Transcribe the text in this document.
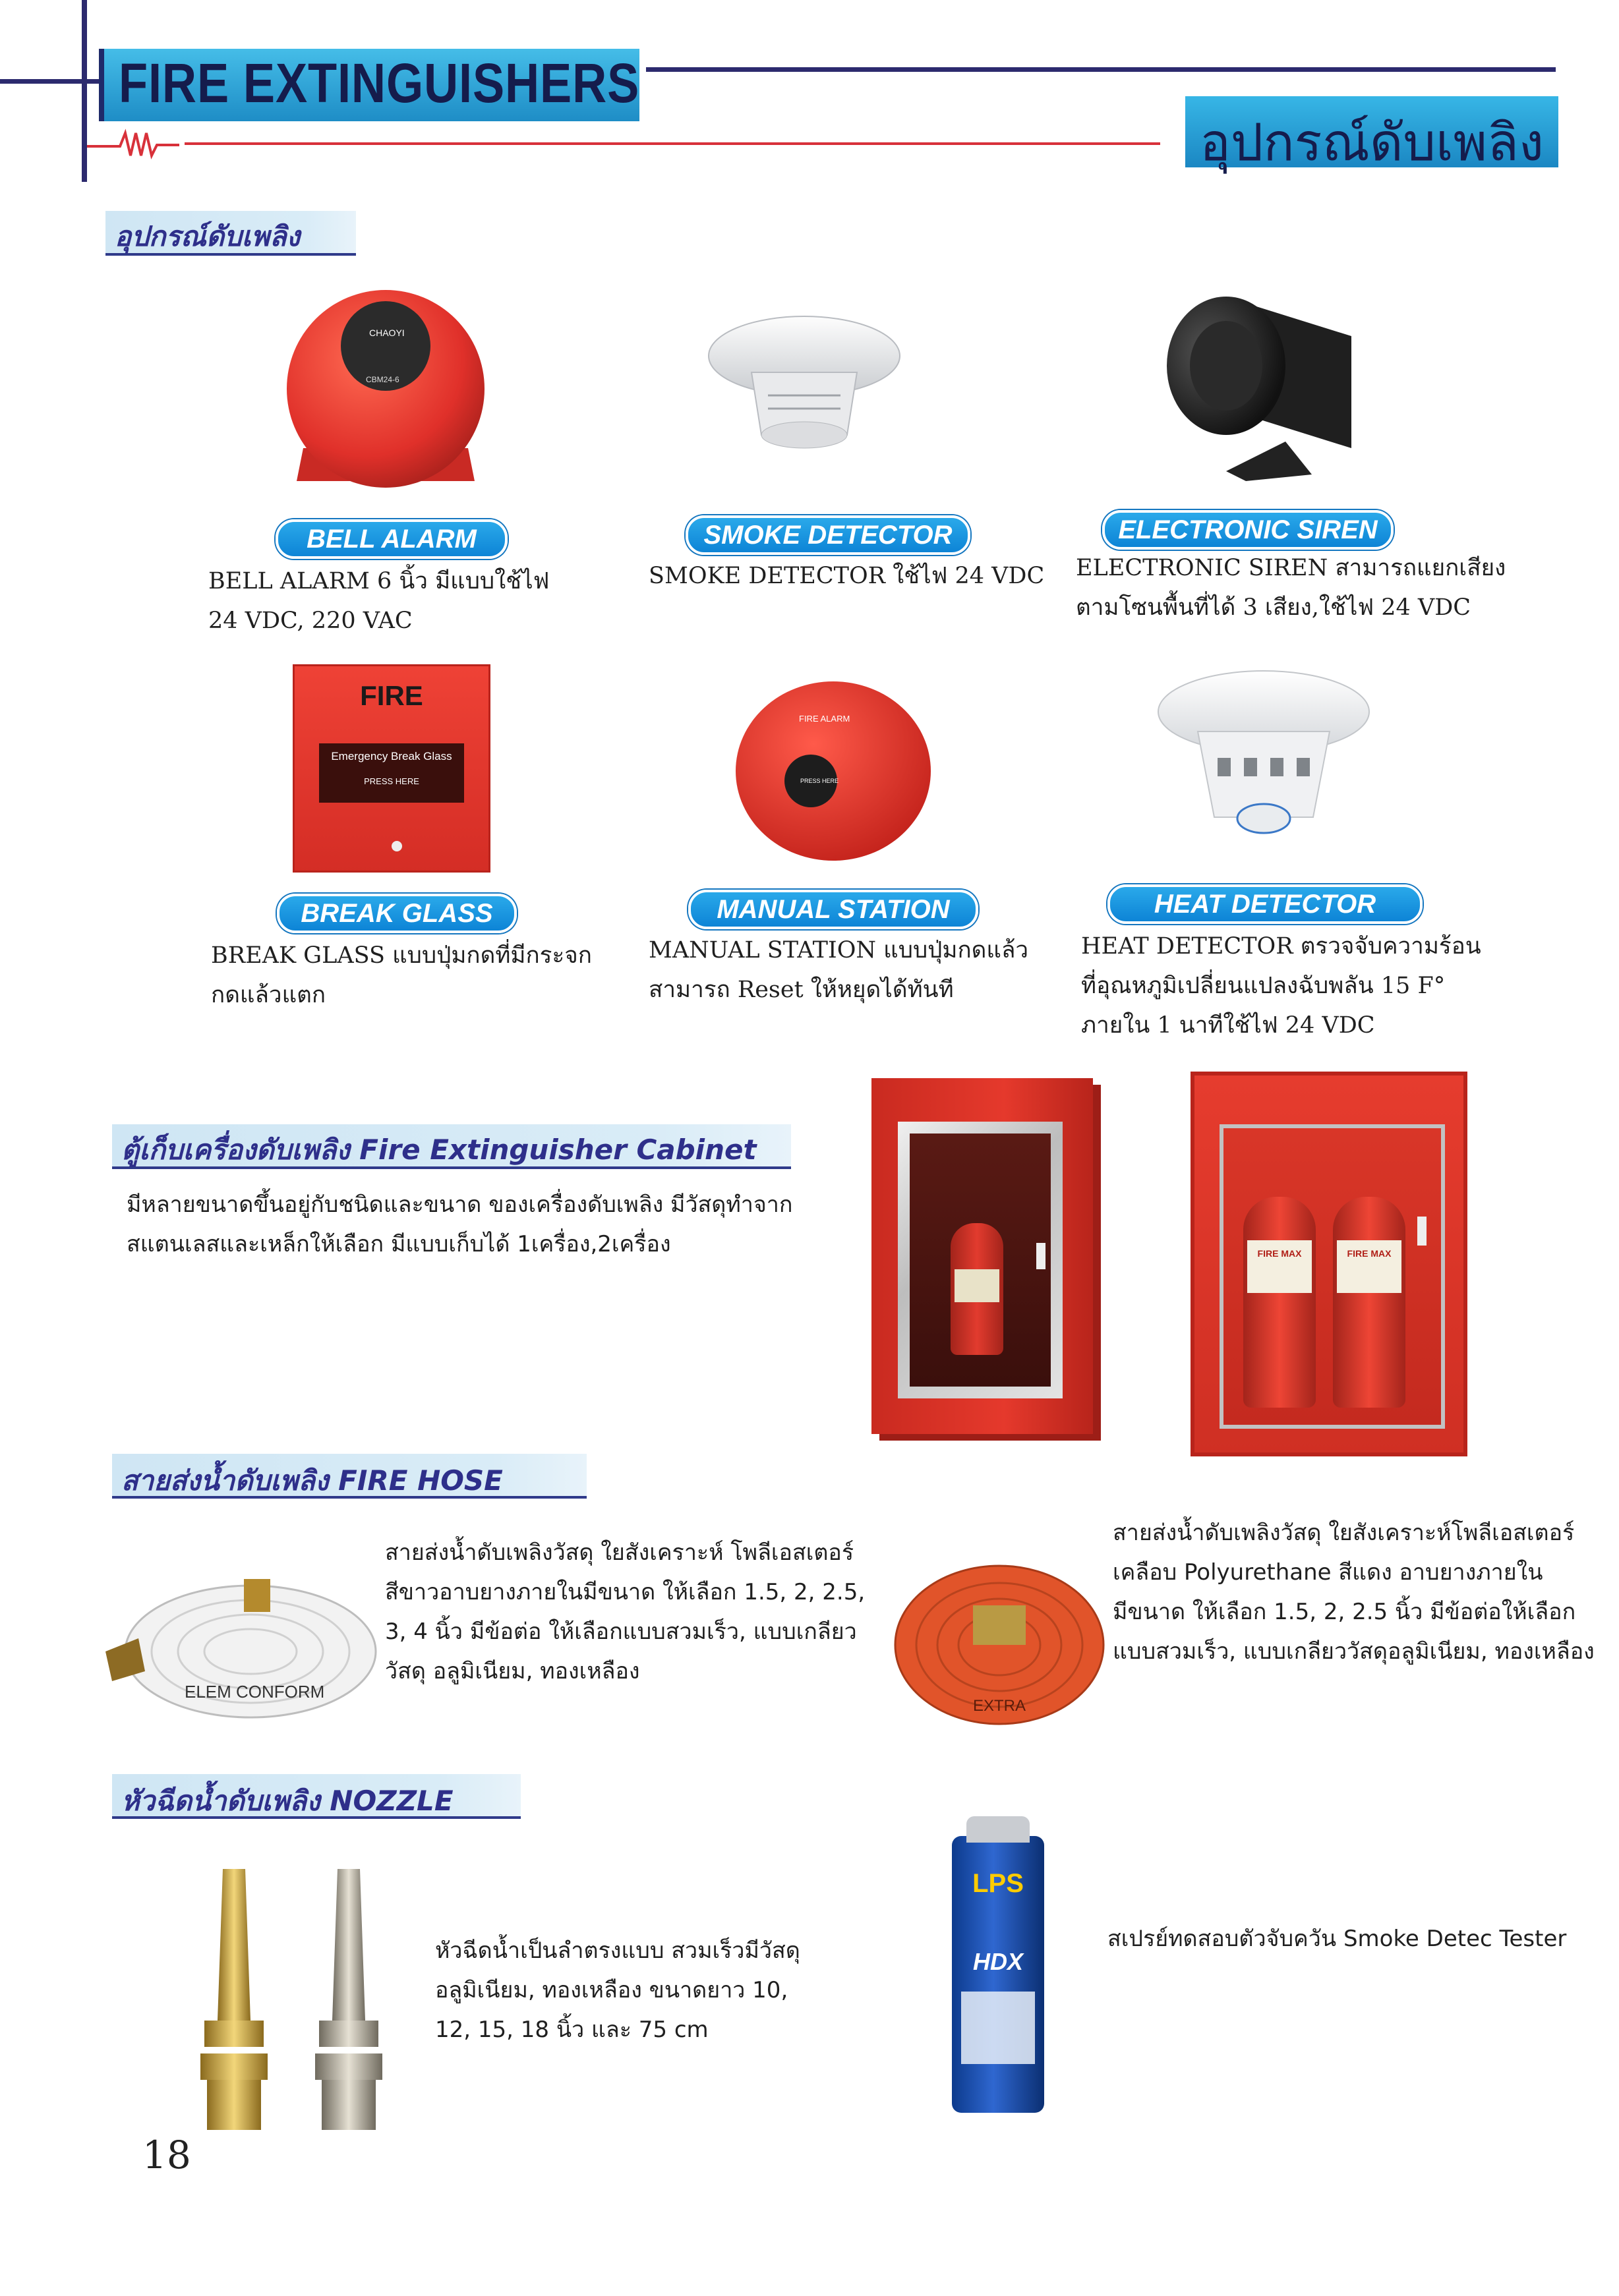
FIRE EXTINGUISHERS
อุปกรณ์ดับเพลิง
อุปกรณ์ดับเพลิง
CHAOYI
CBM24-6
BELL ALARM	SMOKE DETECTOR	ELECTRONIC SIREN
BELL ALARM 6 นิ้ว มีแบบใช้ไฟ
24 VDC, 220 VAC
SMOKE DETECTOR ใช้ไฟ 24 VDC ELECTRONIC SIREN สามารถแยกเสียง
ตามโซนพื้นที่ได้ 3 เสียง,ใช้ไฟ 24 VDC
FIRE
Emergency Break Glass
PRESS HERE
FIRE ALARM
PRESS HERE
BREAK GLASS	MANUAL STATION	HEAT DETECTOR
BREAK GLASS แบบปุ่มกดที่มีกระจก
กดแล้วแตก
MANUAL STATION แบบปุ่มกดแล้ว
สามารถ Reset ให้หยุดได้ทันที
HEAT DETECTOR ตรวจจับความร้อน
ที่อุณหภูมิเปลี่ยนแปลงฉับพลัน 15 F°
ภายใน 1 นาทีใช้ไฟ 24 VDC
ตู้เก็บเครื่องดับเพลิง Fire Extinguisher Cabinet
มีหลายขนาดขึ้นอยู่กับชนิดและขนาด ของเครื่องดับเพลิง มีวัสดุทำจาก
สแตนเลสและเหล็กให้เลือก มีแบบเก็บได้ 1เครื่อง,2เครื่อง	FIRE MAX	FIRE MAX
สายส่งน้ำดับเพลิง FIRE HOSE
ELEM CONFORM
สายส่งน้ำดับเพลิงวัสดุ ใยสังเคราะห์ โพลีเอสเตอร์
สีขาวอาบยางภายในมีขนาด ให้เลือก 1.5, 2, 2.5,
3, 4 นิ้ว มีข้อต่อ ให้เลือกแบบสวมเร็ว, แบบเกลียว
วัสดุ อลูมิเนียม, ทองเหลือง
EXTRA
สายส่งน้ำดับเพลิงวัสดุ ใยสังเคราะห์โพลีเอสเตอร์
เคลือบ Polyurethane สีแดง อาบยางภายใน
มีขนาด ให้เลือก 1.5, 2, 2.5 นิ้ว มีข้อต่อให้เลือก
แบบสวมเร็ว, แบบเกลียววัสดุอลูมิเนียม, ทองเหลือง
หัวฉีดน้ำดับเพลิง NOZZLE
หัวฉีดน้ำเป็นลำตรงแบบ สวมเร็วมีวัสดุ
อลูมิเนียม, ทองเหลือง ขนาดยาว 10,
12, 15, 18 นิ้ว และ 75 cm
LPS
HDX
สเปรย์ทดสอบตัวจับควัน Smoke Detec Tester
18
